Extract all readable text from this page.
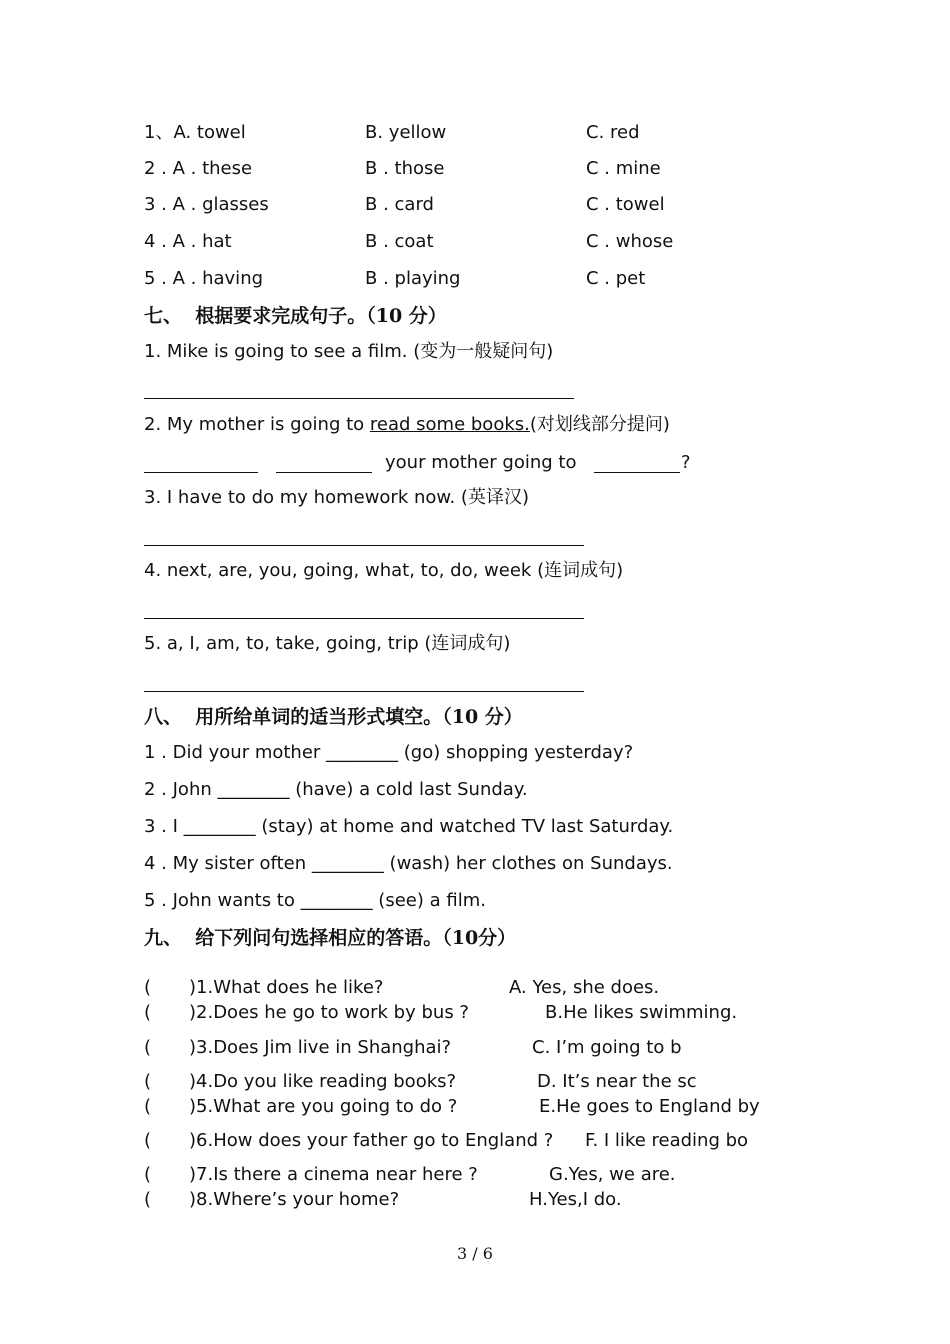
1、A. towel	B. yellow	C. red
2 . A . these	B . those	C . mine
3 . A . glasses	B . card	C . towel
4 . A . hat	B . coat	C . whose
5 . A . having	B . playing	C . pet
七、  根据要求完成句子。（10 分）
1. Mike is going to see a film. (变为一般疑问句)
2. My mother is going to read some books.(对划线部分提问)
your mother going to	?
3. I have to do my homework now. (英译汉)
4. next, are, you, going, what, to, do, week (连词成句)
5. a, I, am, to, take, going, trip (连词成句)
八、  用所给单词的适当形式填空。（10 分）
1 . Did your mother ________ (go) shopping yesterday?
2 . John ________ (have) a cold last Sunday.
3 . I ________ (stay) at home and watched TV last Saturday.
4 . My sister often ________ (wash) her clothes on Sundays.
5 . John wants to ________ (see) a film.
九、  给下列问句选择相应的答语。（10分）
( )1.What does he like?	A. Yes, she does.
( )2.Does he go to work by bus ?	B.He likes swimming.
( )3.Does Jim live in Shanghai?	C. I’m going to b
( )4.Do you like reading books?	D. It’s near the sc
( )5.What are you going to do ?	E.He goes to England by
( )6.How does your father go to England ? F. I like reading bo
( )7.Is there a cinema near here ?	G.Yes, we are.
( )8.Where’s your home?	H.Yes,I do.
3 / 6
